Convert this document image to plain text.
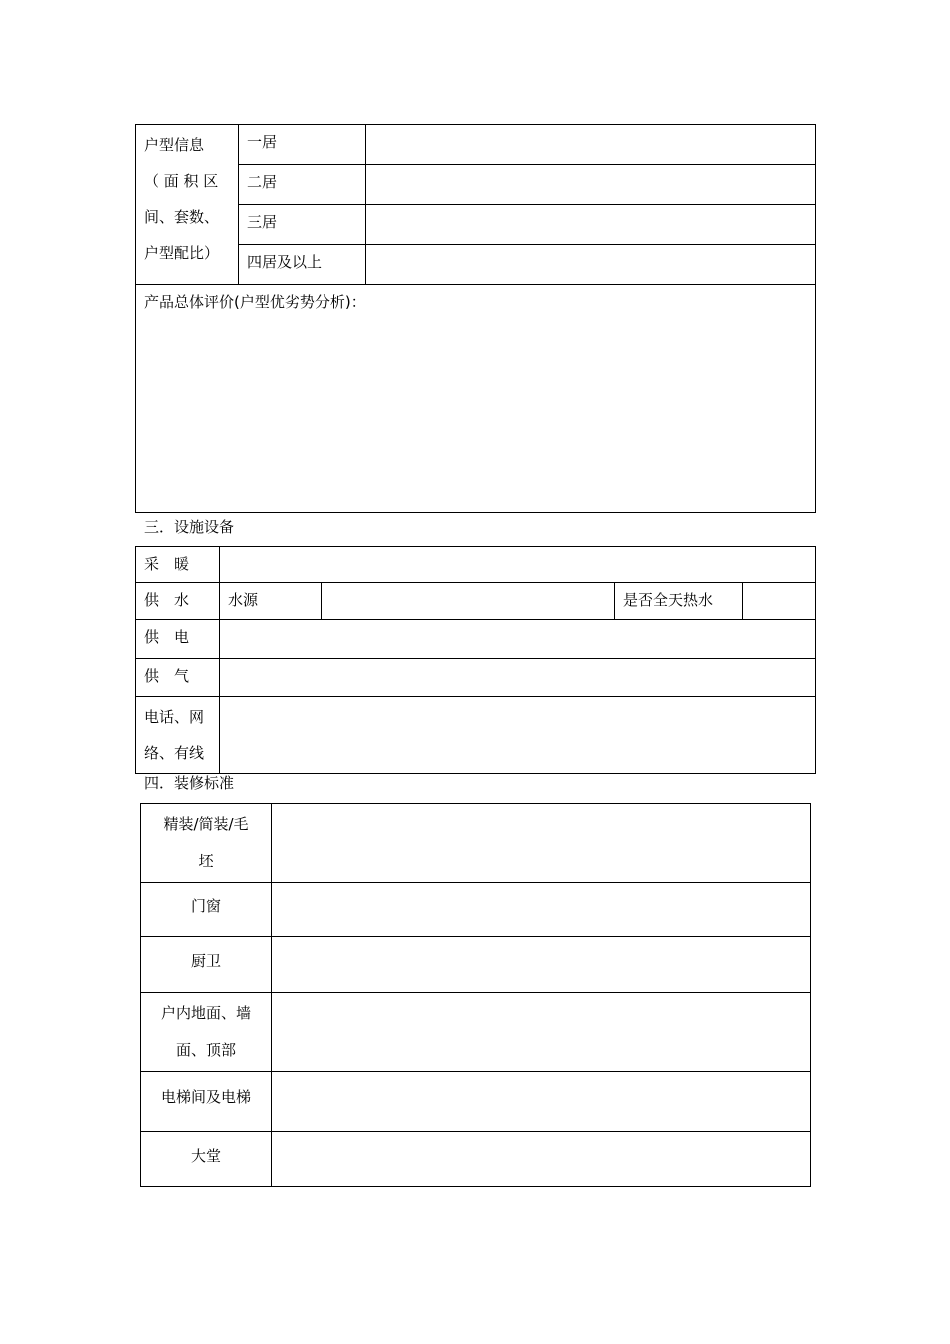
户型信息
（ 面 积 区
间、套数、
户型配比）	一居	
	二居	
	三居	
	四居及以上	
产品总体评价(户型优劣势分析)：		
三．设施设备
采　暖				
供　水	水源		是否全天热水	
供　电				
供　气				

电话、网
络、有线				

四．装修标准
精装/简装/毛
坯	

门窗	
厨卫	

户内地面、墙
面、顶部	

电梯间及电梯	
大堂	
